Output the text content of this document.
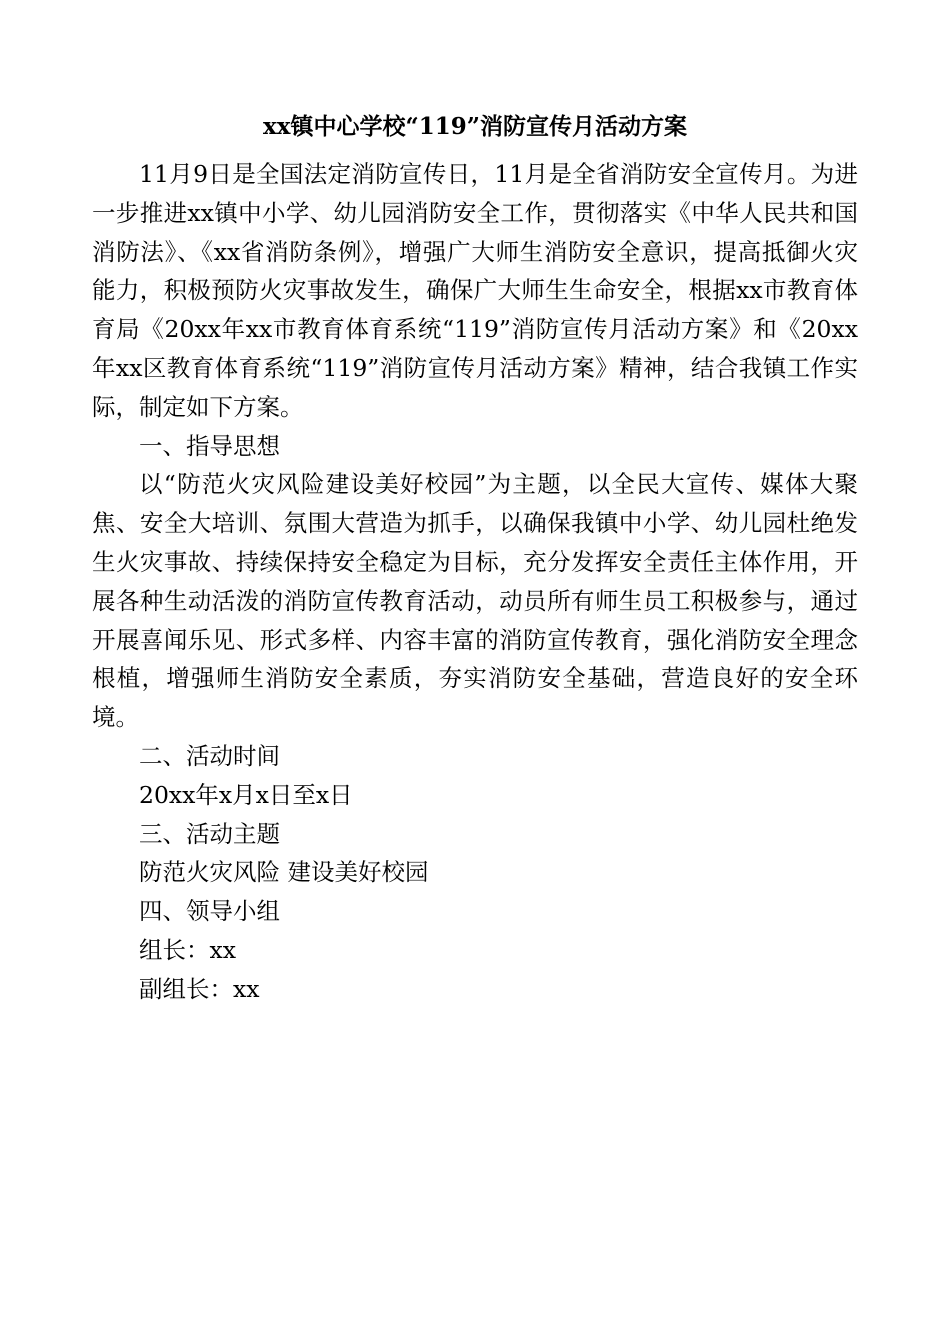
xx镇中心学校“119”消防宣传月活动方案

11月9日是全国法定消防宣传日，11月是全省消防安全宣传月。为进一步推进xx镇中小学、幼儿园消防安全工作，贯彻落实《中华人民共和国消防法》、《xx省消防条例》，增强广大师生消防安全意识，提高抵御火灾能力，积极预防火灾事故发生，确保广大师生生命安全，根据xx市教育体育局《20xx年xx市教育体育系统“119”消防宣传月活动方案》和《20xx年xx区教育体育系统“119”消防宣传月活动方案》精神，结合我镇工作实际，制定如下方案。

一、指导思想

以“防范火灾风险建设美好校园”为主题，以全民大宣传、媒体大聚焦、安全大培训、氛围大营造为抓手，以确保我镇中小学、幼儿园杜绝发生火灾事故、持续保持安全稳定为目标，充分发挥安全责任主体作用，开展各种生动活泼的消防宣传教育活动，动员所有师生员工积极参与，通过开展喜闻乐见、形式多样、内容丰富的消防宣传教育，强化消防安全理念根植，增强师生消防安全素质，夯实消防安全基础，营造良好的安全环境。

二、活动时间

20xx年x月x日至x日

三、活动主题

防范火灾风险 建设美好校园

四、领导小组

组长：xx

副组长：xx
